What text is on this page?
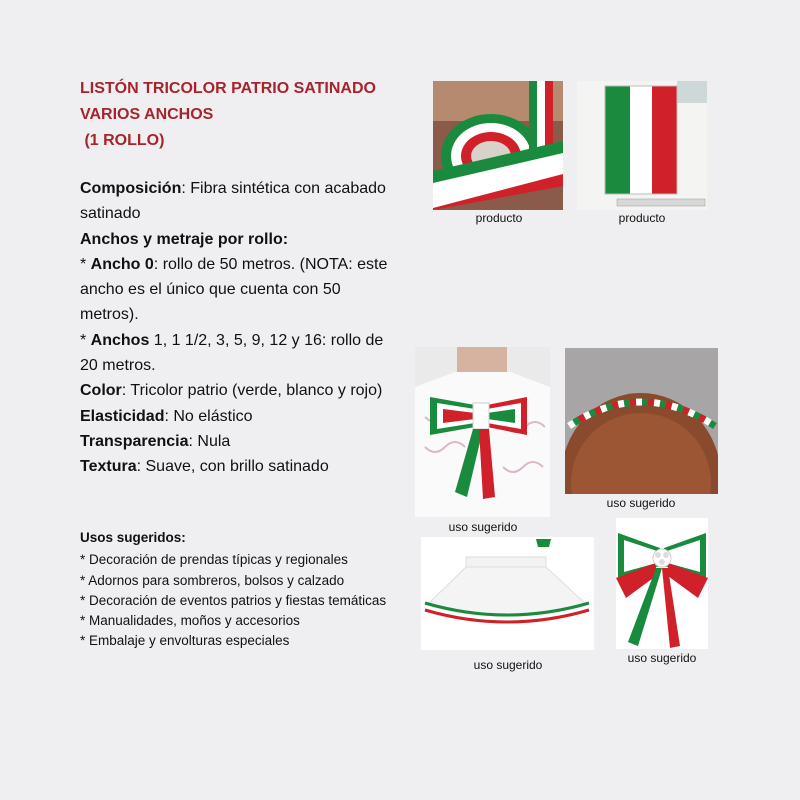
LISTÓN TRICOLOR PATRIO SATINADO
VARIOS ANCHOS
(1 ROLLO)

Composición: Fibra sintética con acabado satinado

Anchos y metraje por rollo:

* Ancho 0: rollo de 50 metros. (NOTA: este ancho es el único que cuenta con 50 metros).

* Anchos 1, 1 1/2, 3, 5, 9, 12 y 16: rollo de 20 metros.

Color: Tricolor patrio (verde, blanco y rojo)

Elasticidad: No elástico

Transparencia: Nula

Textura: Suave, con brillo satinado

Usos sugeridos:
* Decoración de prendas típicas y regionales
* Adornos para sombreros, bolsos y calzado
* Decoración de eventos patrios y fiestas temáticas
* Manualidades, moños y accesorios
* Embalaje y envolturas especiales
producto	producto
uso sugerido
uso sugerido
uso sugerido	uso sugerido
